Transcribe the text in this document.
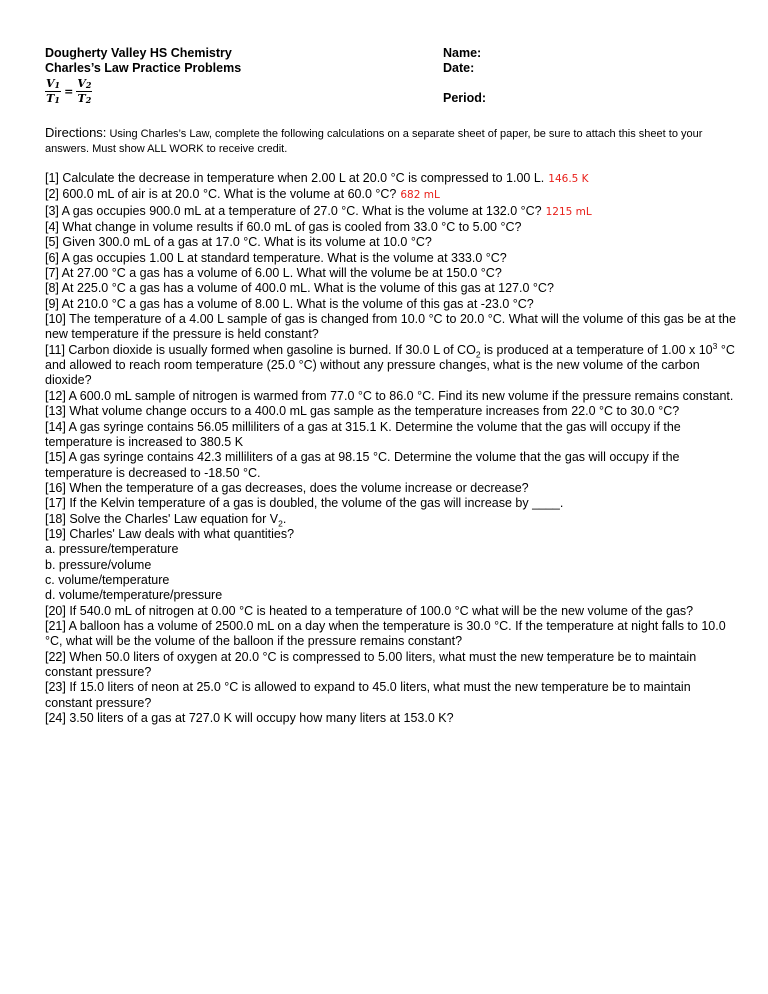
Dougherty Valley HS Chemistry
Charles’s Law Practice Problems
Name:
Date:
Period:
$\frac{V_1}{T_1} = \frac{V_2}{T_2}$
Directions: Using Charles’s Law, complete the following calculations on a separate sheet of paper, be sure to attach this sheet to your answers. Must show ALL WORK to receive credit.
[1] Calculate the decrease in temperature when 2.00 L at 20.0 °C is compressed to 1.00 L. 146.5 K
[2] 600.0 mL of air is at 20.0 °C. What is the volume at 60.0 °C? 682 mL
[3] A gas occupies 900.0 mL at a temperature of 27.0 °C. What is the volume at 132.0 °C? 1215 mL
[4] What change in volume results if 60.0 mL of gas is cooled from 33.0 °C to 5.00 °C?
[5] Given 300.0 mL of a gas at 17.0 °C. What is its volume at 10.0 °C?
[6] A gas occupies 1.00 L at standard temperature. What is the volume at 333.0 °C?
[7] At 27.00 °C a gas has a volume of 6.00 L. What will the volume be at 150.0 °C?
[8] At 225.0 °C a gas has a volume of 400.0 mL. What is the volume of this gas at 127.0 °C?
[9] At 210.0 °C a gas has a volume of 8.00 L. What is the volume of this gas at -23.0 °C?
[10] The temperature of a 4.00 L sample of gas is changed from 10.0 °C to 20.0 °C. What will the volume of this gas be at the new temperature if the pressure is held constant?
[11] Carbon dioxide is usually formed when gasoline is burned. If 30.0 L of $CO_2$ is produced at a temperature of 1.00 x $10^3$ °C and allowed to reach room temperature (25.0 °C) without any pressure changes, what is the new volume of the carbon dioxide?
[12] A 600.0 mL sample of nitrogen is warmed from 77.0 °C to 86.0 °C. Find its new volume if the pressure remains constant.
[13] What volume change occurs to a 400.0 mL gas sample as the temperature increases from 22.0 °C to 30.0 °C?
[14] A gas syringe contains 56.05 milliliters of a gas at 315.1 K. Determine the volume that the gas will occupy if the temperature is increased to 380.5 K
[15] A gas syringe contains 42.3 milliliters of a gas at 98.15 °C. Determine the volume that the gas will occupy if the temperature is decreased to -18.50 °C.
[16] When the temperature of a gas decreases, does the volume increase or decrease?
[17] If the Kelvin temperature of a gas is doubled, the volume of the gas will increase by ____.
[18] Solve the Charles' Law equation for $V_2$.
[19] Charles' Law deals with what quantities?
a. pressure/temperature
b. pressure/volume
c. volume/temperature
d. volume/temperature/pressure
[20] If 540.0 mL of nitrogen at 0.00 °C is heated to a temperature of 100.0 °C what will be the new volume of the gas?
[21] A balloon has a volume of 2500.0 mL on a day when the temperature is 30.0 °C. If the temperature at night falls to 10.0 °C, what will be the volume of the balloon if the pressure remains constant?
[22] When 50.0 liters of oxygen at 20.0 °C is compressed to 5.00 liters, what must the new temperature be to maintain constant pressure?
[23] If 15.0 liters of neon at 25.0 °C is allowed to expand to 45.0 liters, what must the new temperature be to maintain constant pressure?
[24] 3.50 liters of a gas at 727.0 K will occupy how many liters at 153.0 K?
